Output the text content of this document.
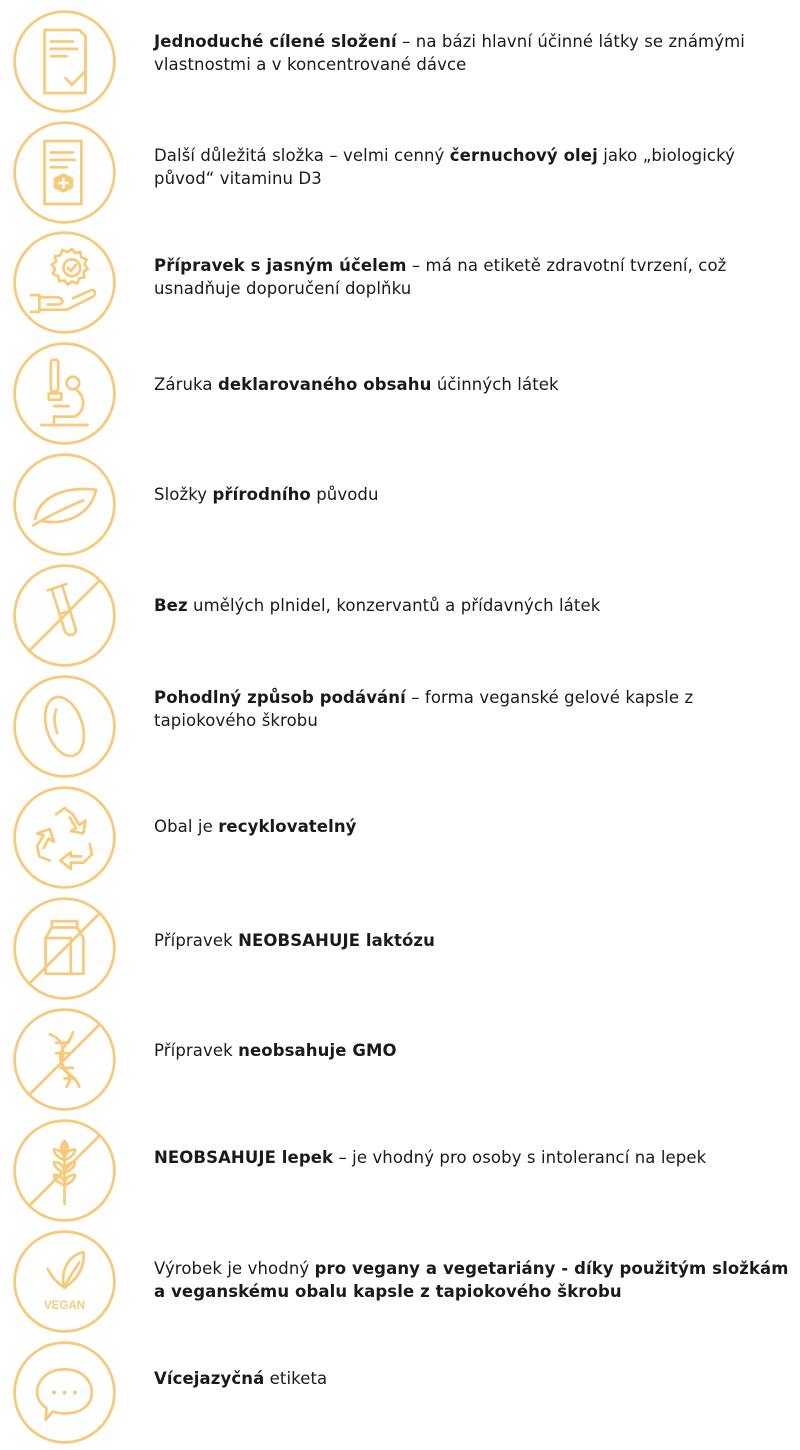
Jednoduché cílené složení – na bázi hlavní účinné látky se známými vlastnostmi a v koncentrované dávce
Další důležitá složka – velmi cenný černuchový olej jako „biologický původ“ vitaminu D3
Přípravek s jasným účelem – má na etiketě zdravotní tvrzení, což usnadňuje doporučení doplňku
Záruka deklarovaného obsahu účinných látek
Složky přírodního původu
Bez umělých plnidel, konzervantů a přídavných látek
Pohodlný způsob podávání – forma veganské gelové kapsle z tapiokového škrobu
Obal je recyklovatelný
Přípravek NEOBSAHUJE laktózu
Přípravek neobsahuje GMO
NEOBSAHUJE lepek – je vhodný pro osoby s intolerancí na lepek
VEGAN
Výrobek je vhodný pro vegany a vegetariány - díky použitým složkám a veganskému obalu kapsle z tapiokového škrobu
Vícejazyčná etiketa
